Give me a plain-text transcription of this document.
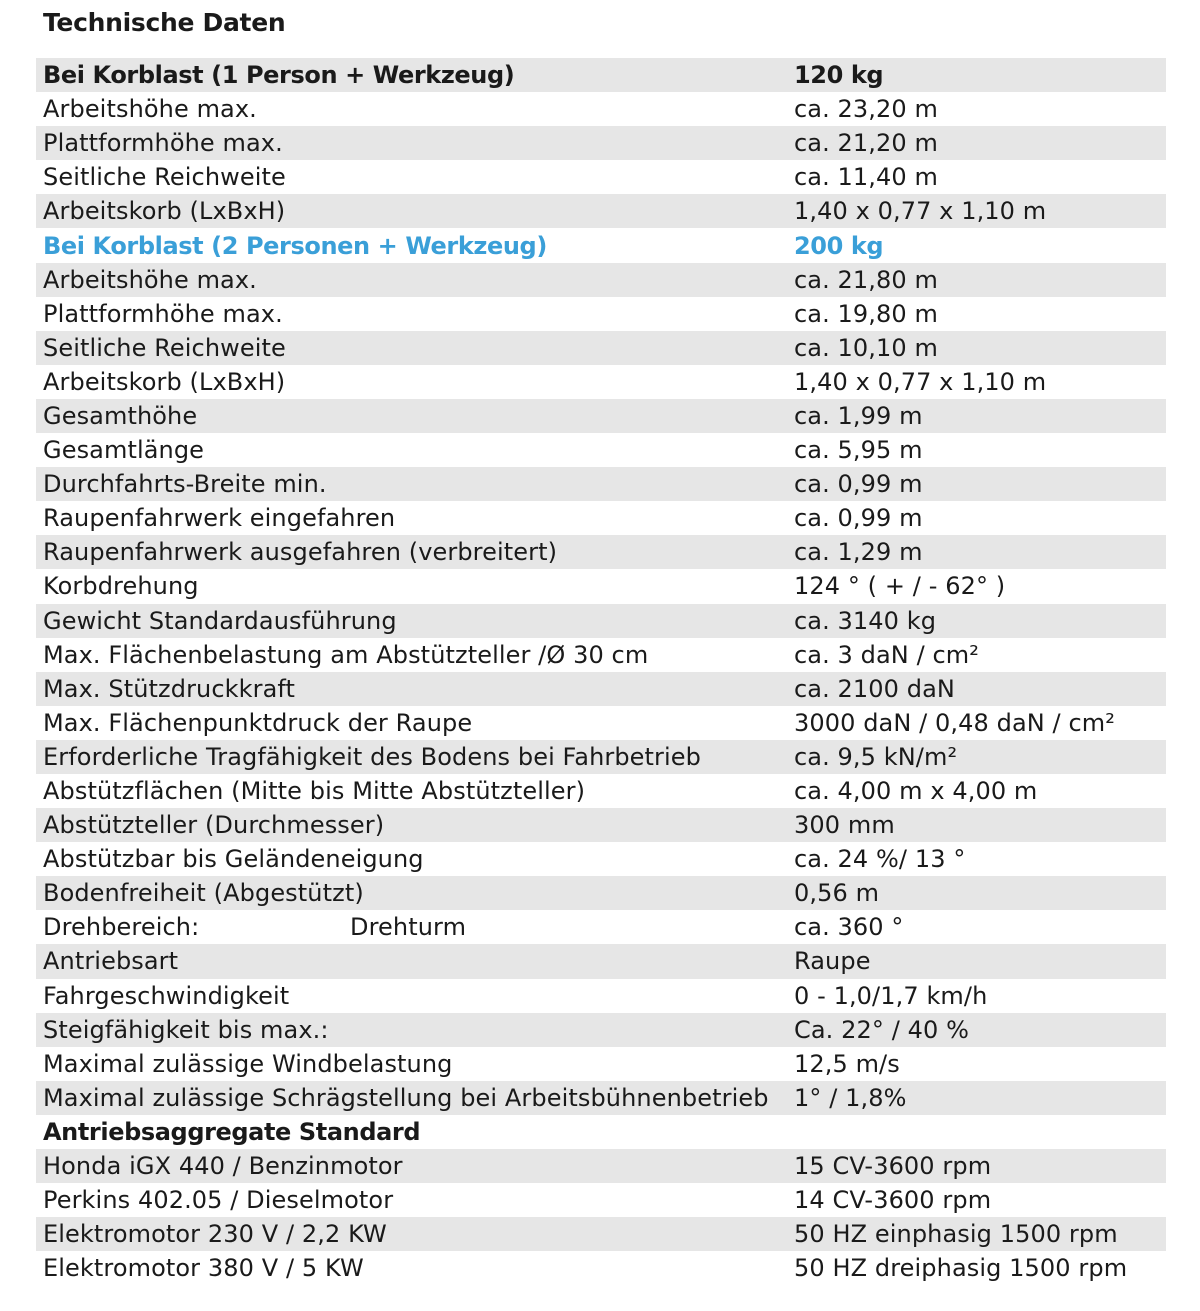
Technische Daten
Bei Korblast (1 Person + Werkzeug)	120 kg
Arbeitshöhe max.	ca. 23,20 m
Plattformhöhe max.	ca. 21,20 m
Seitliche Reichweite	ca. 11,40 m
Arbeitskorb (LxBxH)	1,40 x 0,77 x 1,10 m
Bei Korblast (2 Personen + Werkzeug)	200 kg
Arbeitshöhe max.	ca. 21,80 m
Plattformhöhe max.	ca. 19,80 m
Seitliche Reichweite	ca. 10,10 m
Arbeitskorb (LxBxH)	1,40 x 0,77 x 1,10 m
Gesamthöhe	ca. 1,99 m
Gesamtlänge	ca. 5,95 m
Durchfahrts-Breite min.	ca. 0,99 m
Raupenfahrwerk eingefahren	ca. 0,99 m
Raupenfahrwerk ausgefahren (verbreitert)	ca. 1,29 m
Korbdrehung	124 ° ( + / - 62° )
Gewicht Standardausführung	ca. 3140 kg
Max. Flächenbelastung am Abstützteller /Ø 30 cm	ca. 3 daN / cm²
Max. Stützdruckkraft	ca. 2100 daN
Max. Flächenpunktdruck der Raupe	3000 daN / 0,48 daN / cm²
Erforderliche Tragfähigkeit des Bodens bei Fahrbetrieb	ca. 9,5 kN/m²
Abstützflächen (Mitte bis Mitte Abstützteller)	ca. 4,00 m x 4,00 m
Abstützteller (Durchmesser)	300 mm
Abstützbar bis Geländeneigung	ca. 24 %/ 13 °
Bodenfreiheit (Abgestützt)	0,56 m
Drehbereich:	Drehturm	ca. 360 °
Antriebsart	Raupe
Fahrgeschwindigkeit	0 - 1,0/1,7 km/h
Steigfähigkeit bis max.:	Ca. 22° / 40 %
Maximal zulässige Windbelastung	12,5 m/s
Maximal zulässige Schrägstellung bei Arbeitsbühnenbetrieb	1° / 1,8%
Antriebsaggregate Standard
Honda iGX 440 / Benzinmotor	15 CV-3600 rpm
Perkins 402.05 / Dieselmotor	14 CV-3600 rpm
Elektromotor 230 V / 2,2 KW	50 HZ einphasig 1500 rpm
Elektromotor 380 V / 5 KW	50 HZ dreiphasig 1500 rpm
